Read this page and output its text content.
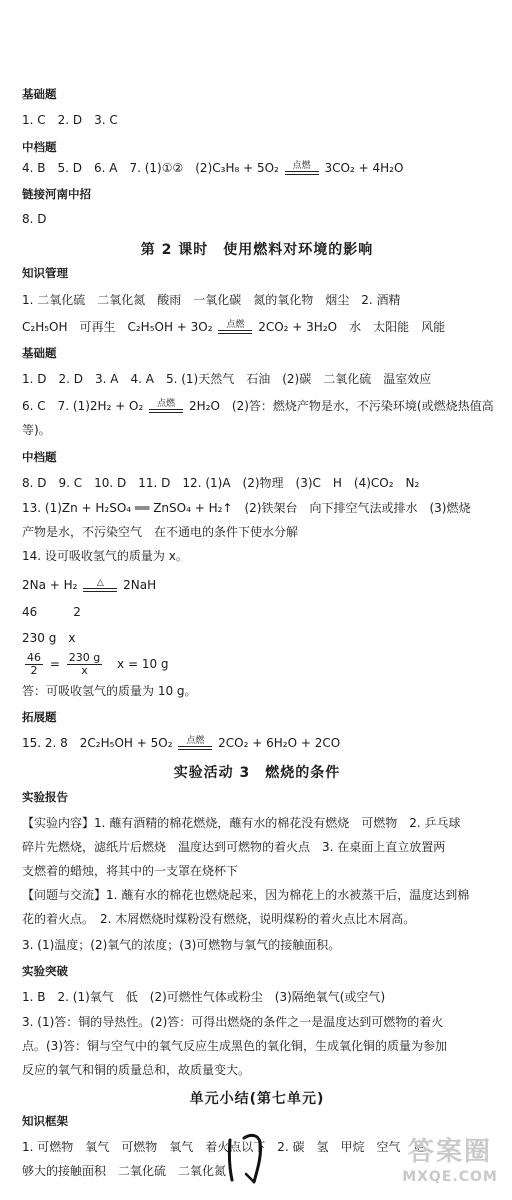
基础题
1. C　2. D　3. C
中档题
4. B　5. D　6. A　7. (1)①②　(2)C₃H₈ + 5O₂	点燃	3CO₂ + 4H₂O
链接河南中招
8. D
第 2 课时　使用燃料对环境的影响
知识管理
1. 二氧化硫　二氧化氮　酸雨　一氧化碳　氮的氧化物　烟尘　2. 酒精
C₂H₅OH　可再生　C₂H₅OH + 3O₂	点燃	2CO₂ + 3H₂O　水　太阳能　风能
基础题
1. D　2. D　3. A　4. A　5. (1)天然气　石油　(2)碳　二氧化硫　温室效应
6. C　7. (1)2H₂ + O₂	点燃	2H₂O　(2)答：燃烧产物是水，不污染环境(或燃烧热值高
等)。
中档题
8. D　9. C　10. D　11. D　12. (1)A　(2)物理　(3)C　H　(4)CO₂　N₂
13. (1)Zn + H₂SO₄ ══ ZnSO₄ + H₂↑　(2)铁架台　向下排空气法或排水　(3)燃烧
产物是水，不污染空气　在不通电的条件下使水分解
14. 设可吸收氢气的质量为 x。
2Na + H₂	△	2NaH
46　　　2
230 g　x
$\frac{46}{2} = \frac{230 g}{x}$ x = 10 g
答：可吸收氢气的质量为 10 g。
拓展题
15. 2. 8　2C₂H₅OH + 5O₂	点燃	2CO₂ + 6H₂O + 2CO
实验活动 3　燃烧的条件
实验报告
【实验内容】1. 蘸有酒精的棉花燃烧，蘸有水的棉花没有燃烧　可燃物　2. 乒乓球
碎片先燃烧，滤纸片后燃烧　温度达到可燃物的着火点　3. 在桌面上直立放置两
支燃着的蜡烛，将其中的一支罩在烧杯下
【问题与交流】1. 蘸有水的棉花也燃烧起来，因为棉花上的水被蒸干后，温度达到棉
花的着火点。　2. 木屑燃烧时煤粉没有燃烧，说明煤粉的着火点比木屑高。
3. (1)温度；(2)氧气的浓度；(3)可燃物与氧气的接触面积。
实验突破
1. B　2. (1)氧气　低　(2)可燃性气体或粉尘　(3)隔绝氧气(或空气)
3. (1)答：铜的导热性。(2)答：可得出燃烧的条件之一是温度达到可燃物的着火
点。(3)答：铜与空气中的氧气反应生成黑色的氧化铜，生成氧化铜的质量为参加
反应的氧气和铜的质量总和，故质量变大。
单元小结(第七单元)
知识框架
1. 可燃物　氧气　可燃物　氧气　着火点以下　2. 碳　氢　甲烷　空气　足
够大的接触面积　二氧化硫　二氧化氮
答案圈
MXQE.COM
